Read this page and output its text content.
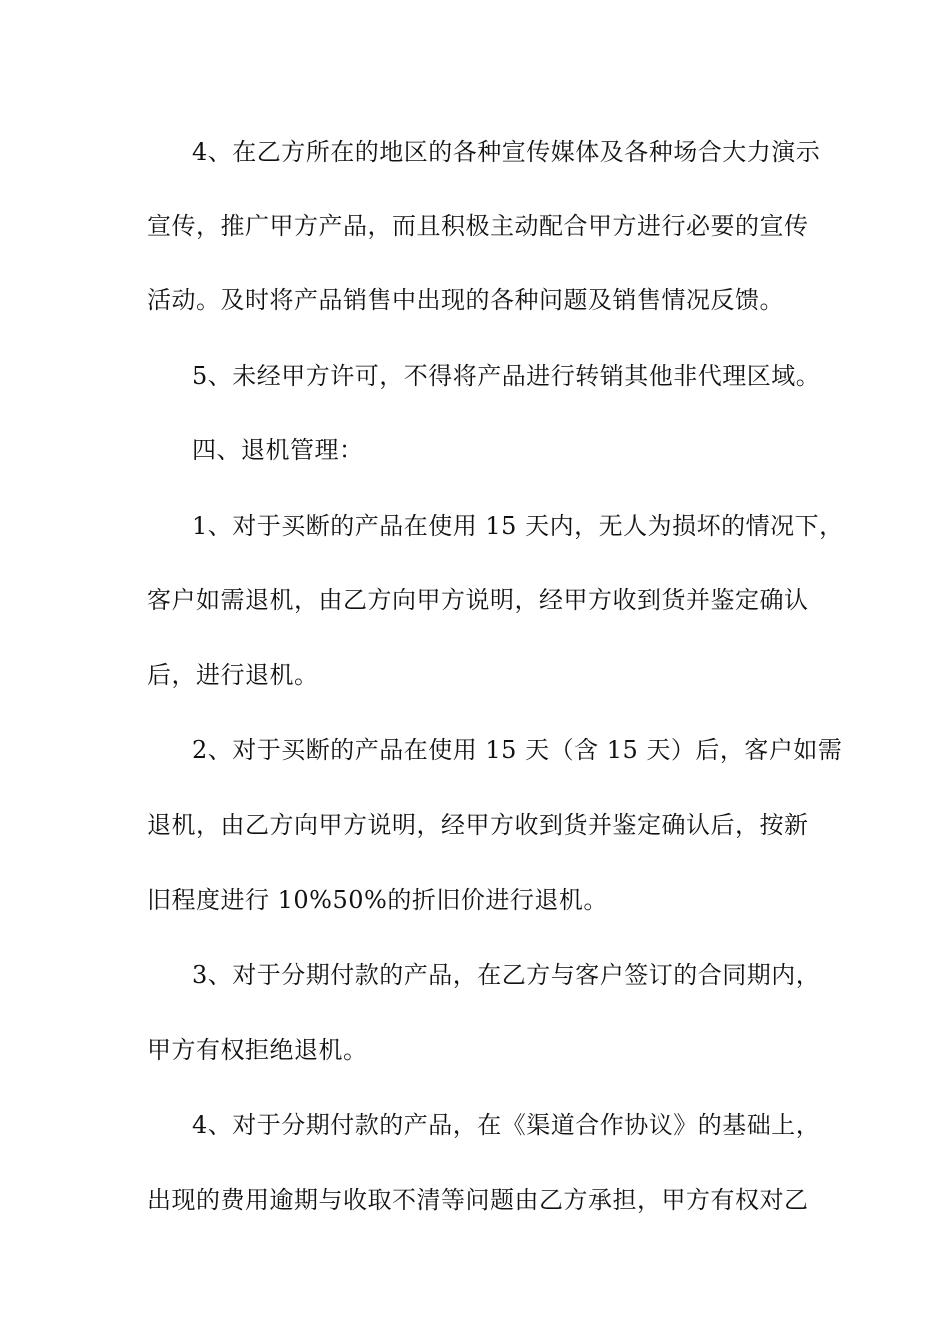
4、在乙方所在的地区的各种宣传媒体及各种场合大力演示
宣传，推广甲方产品，而且积极主动配合甲方进行必要的宣传
活动。及时将产品销售中出现的各种问题及销售情况反馈。
5、未经甲方许可，不得将产品进行转销其他非代理区域。
四、退机管理：
1、对于买断的产品在使用 15 天内，无人为损坏的情况下，
客户如需退机，由乙方向甲方说明，经甲方收到货并鉴定确认
后，进行退机。
2、对于买断的产品在使用 15 天（含 15 天）后，客户如需
退机，由乙方向甲方说明，经甲方收到货并鉴定确认后，按新
旧程度进行 10%50%的折旧价进行退机。
3、对于分期付款的产品，在乙方与客户签订的合同期内，
甲方有权拒绝退机。
4、对于分期付款的产品，在《渠道合作协议》的基础上，
出现的费用逾期与收取不清等问题由乙方承担，甲方有权对乙
